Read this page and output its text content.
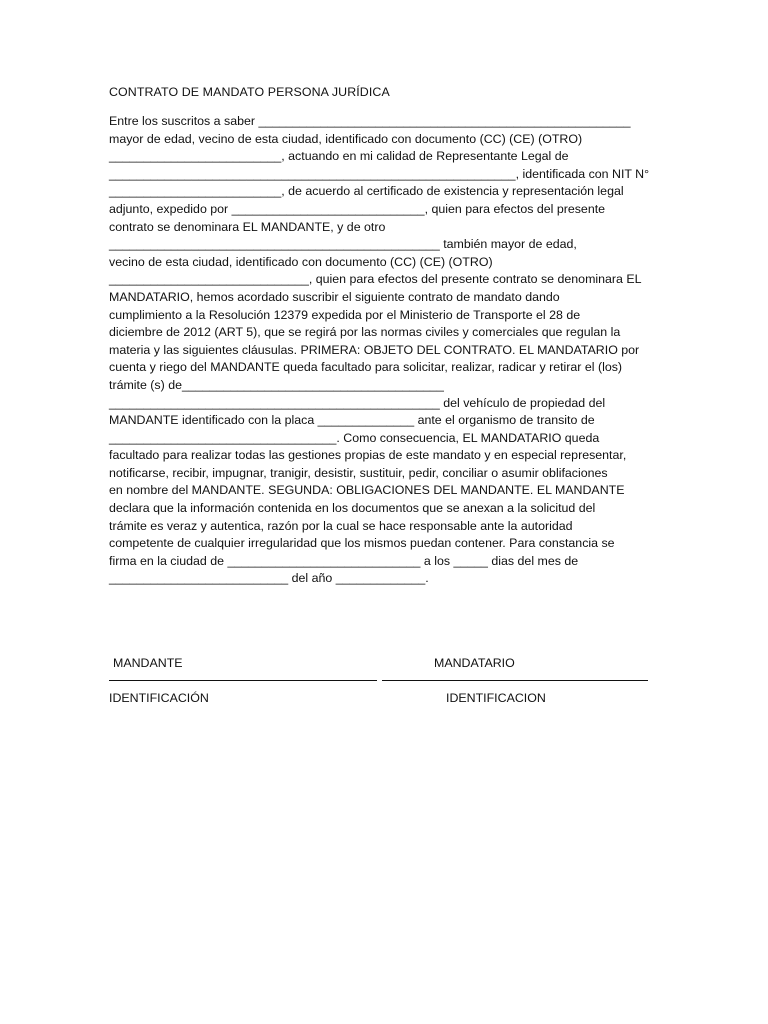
CONTRATO DE MANDATO PERSONA JURÍDICA
Entre los suscritos a saber ______________________________________________________
mayor de edad, vecino de esta ciudad, identificado con documento (CC) (CE) (OTRO)
_________________________, actuando en mi calidad de Representante Legal de
___________________________________________________________, identificada con NIT N°
_________________________, de acuerdo al certificado de existencia y representación legal
adjunto, expedido por ____________________________, quien para efectos del presente
contrato se denominara EL MANDANTE, y de otro
________________________________________________ también mayor de edad,
vecino de esta ciudad, identificado con documento (CC) (CE) (OTRO)
_____________________________, quien para efectos del presente contrato se denominara EL
MANDATARIO, hemos acordado suscribir el siguiente contrato de mandato dando
cumplimiento a la Resolución 12379 expedida por el Ministerio de Transporte el 28 de
diciembre de 2012 (ART 5), que se regirá por las normas civiles y comerciales que regulan la
materia y las siguientes cláusulas. PRIMERA: OBJETO DEL CONTRATO. EL MANDATARIO por
cuenta y riego del MANDANTE queda facultado para solicitar, realizar, radicar y retirar el (los)
trámite (s) de______________________________________
________________________________________________ del vehículo de propiedad del
MANDANTE identificado con la placa ______________ ante el organismo de transito de
_________________________________. Como consecuencia, EL MANDATARIO queda
facultado para realizar todas las gestiones propias de este mandato y en especial representar,
notificarse, recibir, impugnar, tranigir, desistir, sustituir, pedir, conciliar o asumir oblifaciones
en nombre del MANDANTE. SEGUNDA: OBLIGACIONES DEL MANDANTE. EL MANDANTE
declara que la información contenida en los documentos que se anexan a la solicitud del
trámite es veraz y autentica, razón por la cual se hace responsable ante la autoridad
competente de cualquier irregularidad que los mismos puedan contener. Para constancia se
firma en la ciudad de ____________________________ a los _____ dias del mes de
__________________________ del año _____________.
MANDANTE	MANDATARIO
IDENTIFICACIÓN	IDENTIFICACION
